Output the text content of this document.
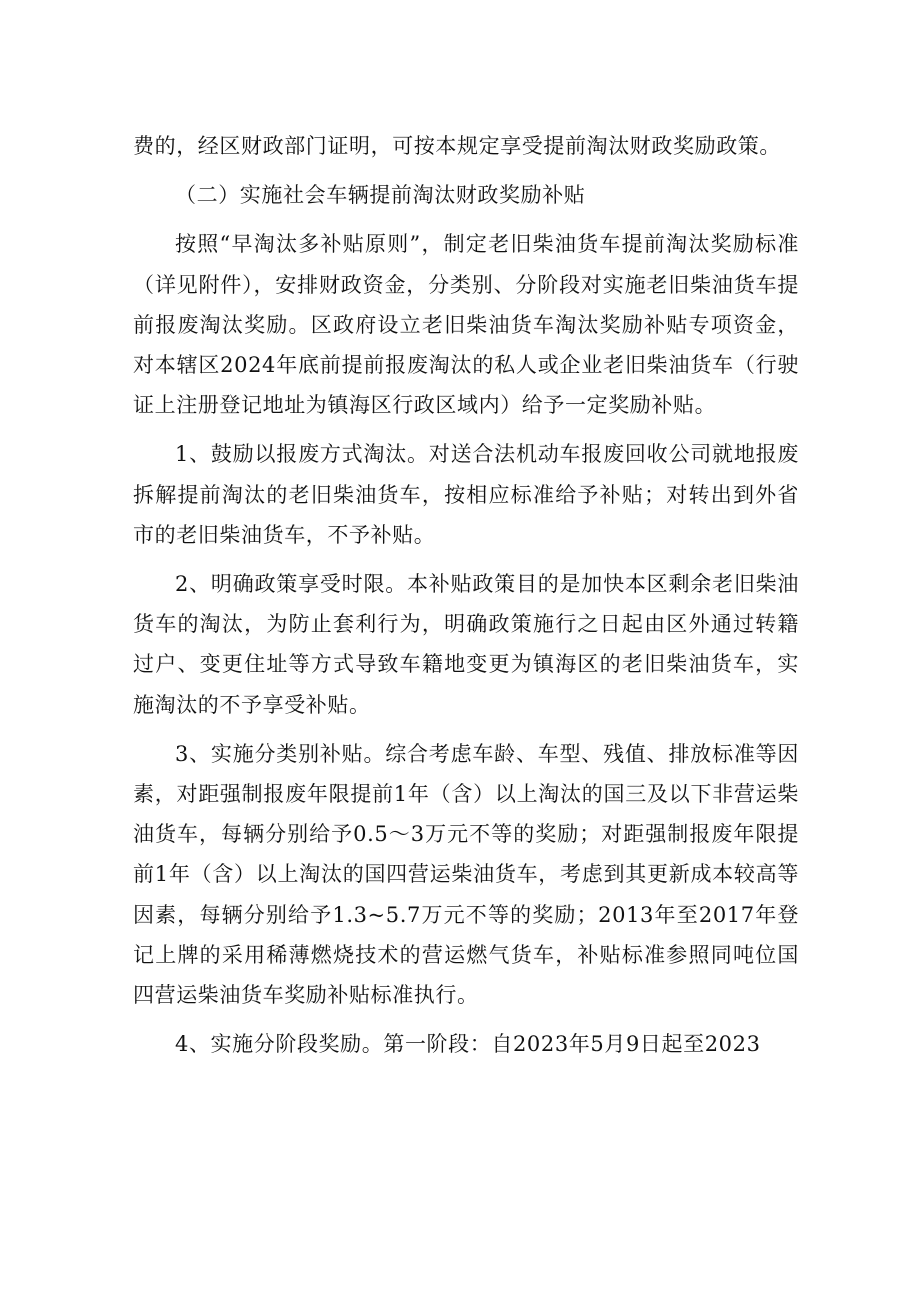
费的，经区财政部门证明，可按本规定享受提前淘汰财政奖励政策。

（二）实施社会车辆提前淘汰财政奖励补贴

按照“早淘汰多补贴原则”，制定老旧柴油货车提前淘汰奖励标准（详见附件），安排财政资金，分类别、分阶段对实施老旧柴油货车提前报废淘汰奖励。区政府设立老旧柴油货车淘汰奖励补贴专项资金，对本辖区2024年底前提前报废淘汰的私人或企业老旧柴油货车（行驶证上注册登记地址为镇海区行政区域内）给予一定奖励补贴。

1、鼓励以报废方式淘汰。对送合法机动车报废回收公司就地报废拆解提前淘汰的老旧柴油货车，按相应标准给予补贴；对转出到外省市的老旧柴油货车，不予补贴。

2、明确政策享受时限。本补贴政策目的是加快本区剩余老旧柴油货车的淘汰，为防止套利行为，明确政策施行之日起由区外通过转籍过户、变更住址等方式导致车籍地变更为镇海区的老旧柴油货车，实施淘汰的不予享受补贴。

3、实施分类别补贴。综合考虑车龄、车型、残值、排放标准等因素，对距强制报废年限提前1年（含）以上淘汰的国三及以下非营运柴油货车，每辆分别给予0.5～3万元不等的奖励；对距强制报废年限提前1年（含）以上淘汰的国四营运柴油货车，考虑到其更新成本较高等因素，每辆分别给予1.3~5.7万元不等的奖励；2013年至2017年登记上牌的采用稀薄燃烧技术的营运燃气货车，补贴标准参照同吨位国四营运柴油货车奖励补贴标准执行。

4、实施分阶段奖励。第一阶段：自2023年5月9日起至2023
